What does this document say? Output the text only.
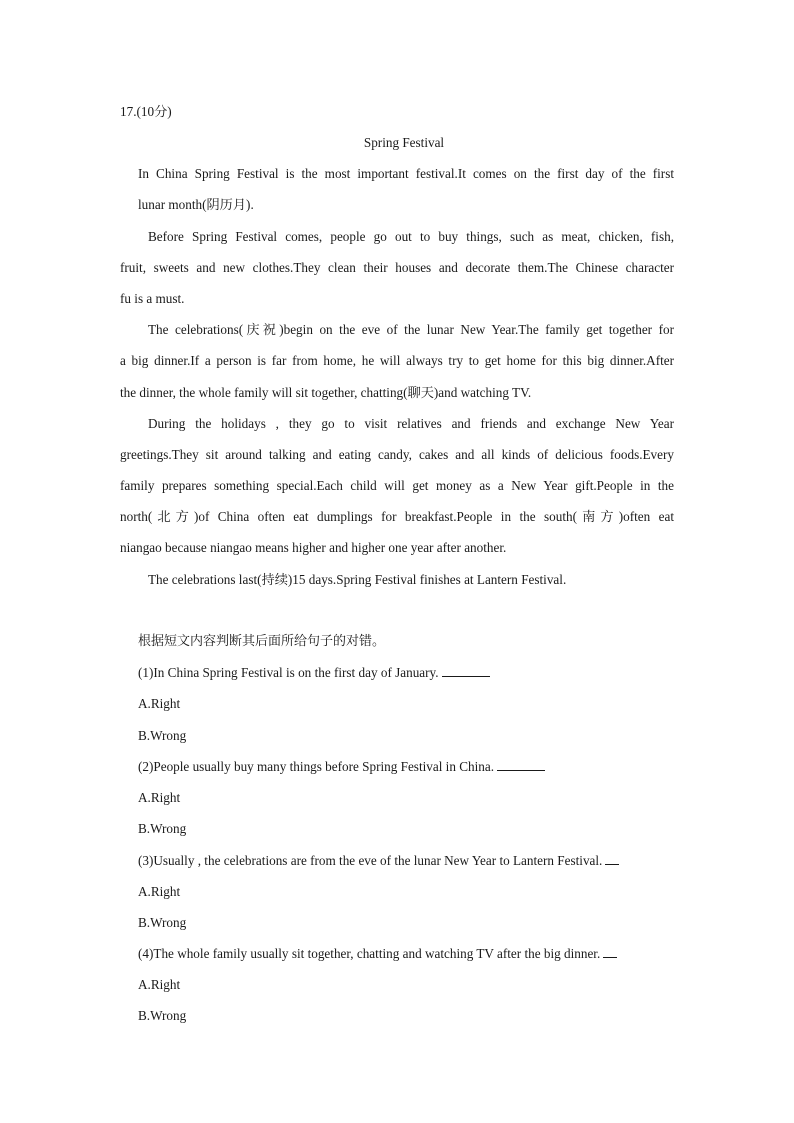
17.(10分)
Spring Festival
In China Spring Festival is the most important festival.It comes on the first day of the first
lunar month(阴历月).
Before Spring Festival comes, people go out to buy things, such as meat, chicken, fish,
fruit, sweets and new clothes.They clean their houses and decorate them.The Chinese character
fu is a must.
The celebrations(庆祝)begin on the eve of the lunar New Year.The family get together for
a big dinner.If a person is far from home, he will always try to get home for this big dinner.After
the dinner, the whole family will sit together, chatting(聊天)and watching TV.
During the holidays , they go to visit relatives and friends and exchange New Year
greetings.They sit around talking and eating candy, cakes and all kinds of delicious foods.Every
family prepares something special.Each child will get money as a New Year gift.People in the
north(北方)of China often eat dumplings for breakfast.People in the south(南方)often eat
niangao because niangao means higher and higher one year after another.
The celebrations last(持续)15 days.Spring Festival finishes at Lantern Festival.
根据短文内容判断其后面所给句子的对错。
(1)In China Spring Festival is on the first day of January.
A.Right
B.Wrong
(2)People usually buy many things before Spring Festival in China.
A.Right
B.Wrong
(3)Usually , the celebrations are from the eve of the lunar New Year to Lantern Festival.
A.Right
B.Wrong
(4)The whole family usually sit together, chatting and watching TV after the big dinner.
A.Right
B.Wrong
